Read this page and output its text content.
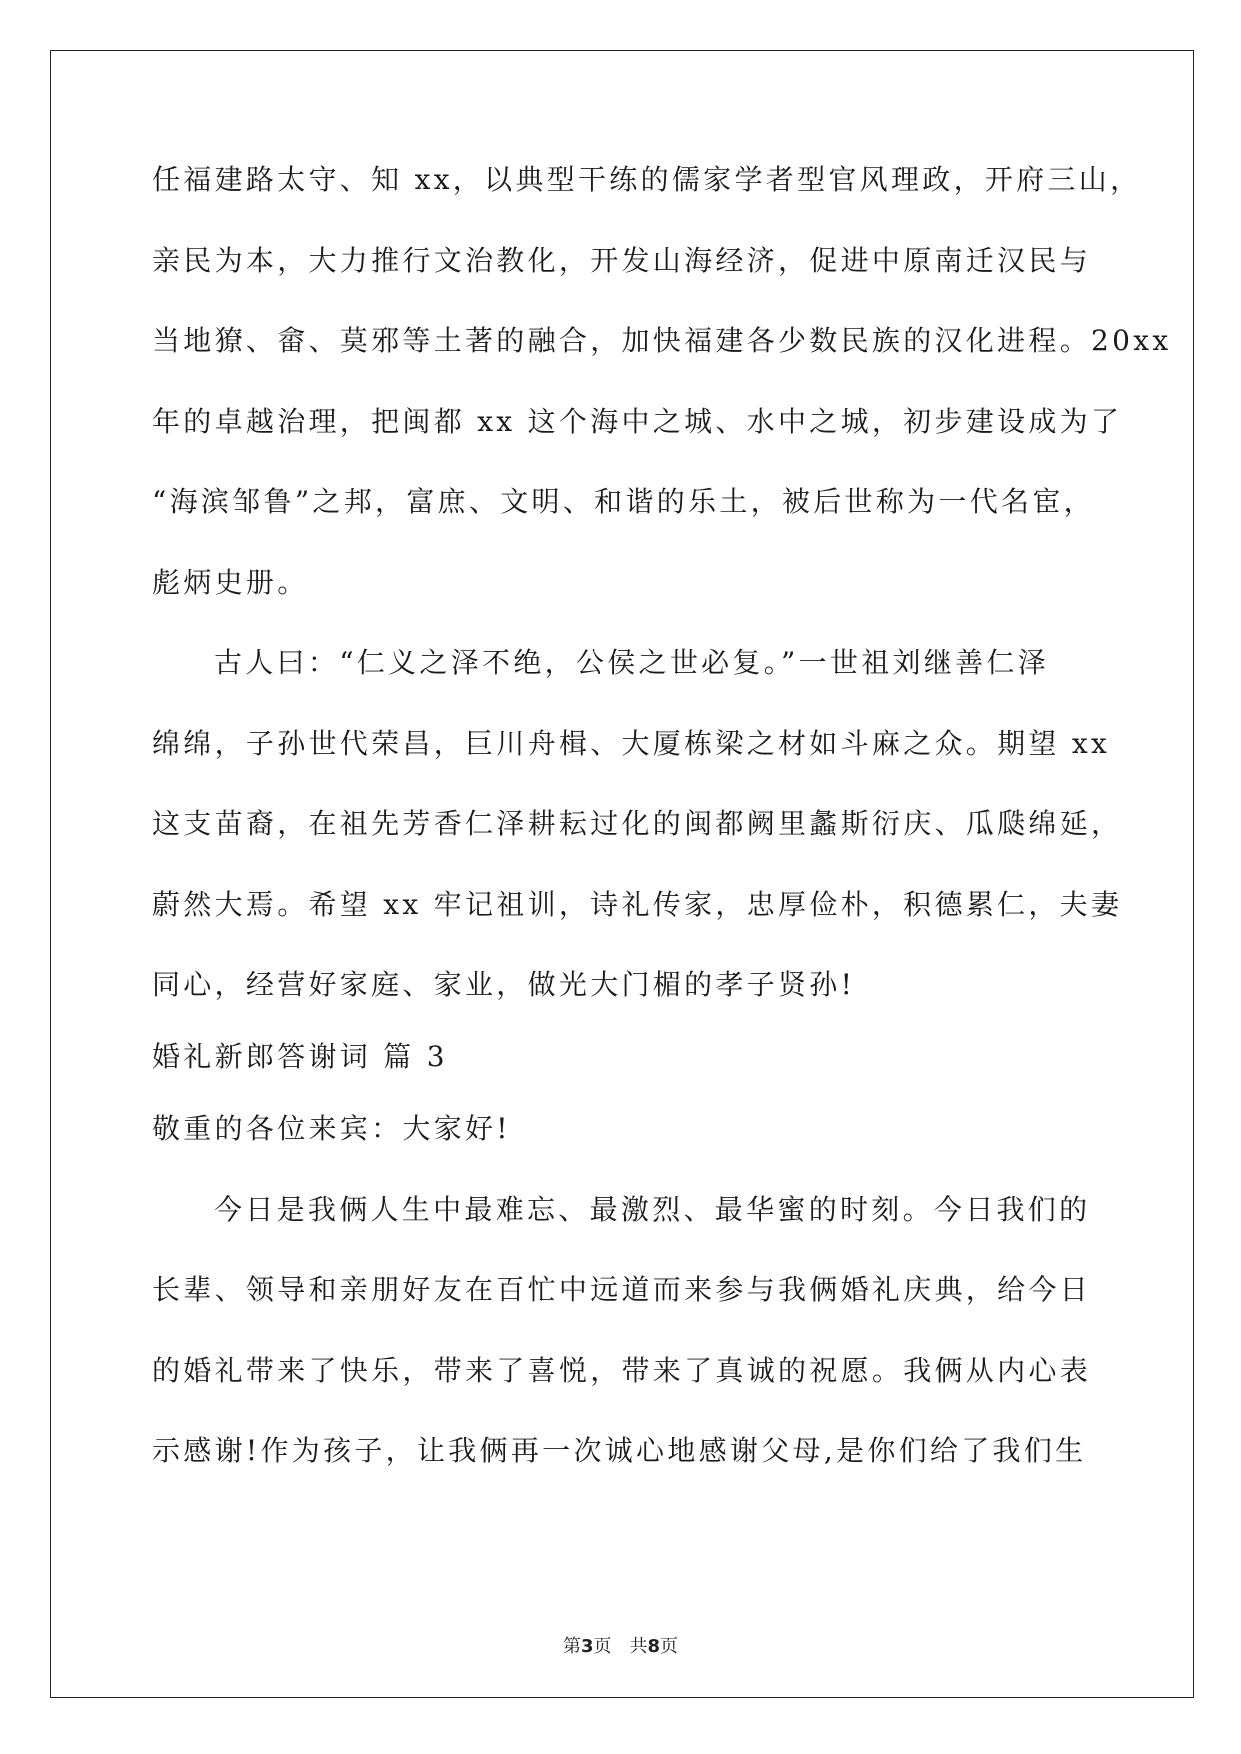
任福建路太守、知 xx，以典型干练的儒家学者型官风理政，开府三山，
亲民为本，大力推行文治教化，开发山海经济，促进中原南迁汉民与
当地獠、畲、莫邪等土著的融合，加快福建各少数民族的汉化进程。20xx
年的卓越治理，把闽都 xx 这个海中之城、水中之城，初步建设成为了
“海滨邹鲁”之邦，富庶、文明、和谐的乐土，被后世称为一代名宦，
彪炳史册。
古人曰：“仁义之泽不绝，公侯之世必复。”一世祖刘继善仁泽
绵绵，子孙世代荣昌，巨川舟楫、大厦栋梁之材如斗麻之众。期望 xx
这支苗裔，在祖先芳香仁泽耕耘过化的闽都阙里蠡斯衍庆、瓜瓞绵延，
蔚然大焉。希望 xx 牢记祖训，诗礼传家，忠厚俭朴，积德累仁，夫妻
同心，经营好家庭、家业，做光大门楣的孝子贤孙!
婚礼新郎答谢词 篇 3
敬重的各位来宾：大家好!
今日是我俩人生中最难忘、最激烈、最华蜜的时刻。今日我们的
长辈、领导和亲朋好友在百忙中远道而来参与我俩婚礼庆典，给今日
的婚礼带来了快乐，带来了喜悦，带来了真诚的祝愿。我俩从内心表
示感谢!作为孩子，让我俩再一次诚心地感谢父母,是你们给了我们生
第3页　共8页
